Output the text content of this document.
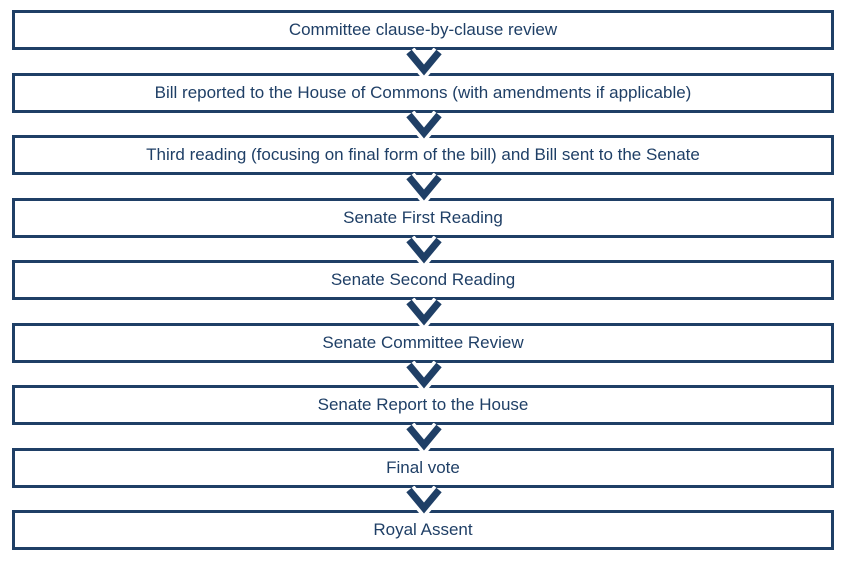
Committee clause-by-clause review
Bill reported to the House of Commons (with amendments if applicable)
Third reading (focusing on final form of the bill) and Bill sent to the Senate
Senate First Reading
Senate Second Reading
Senate Committee Review
Senate Report to the House
Final vote
Royal Assent
